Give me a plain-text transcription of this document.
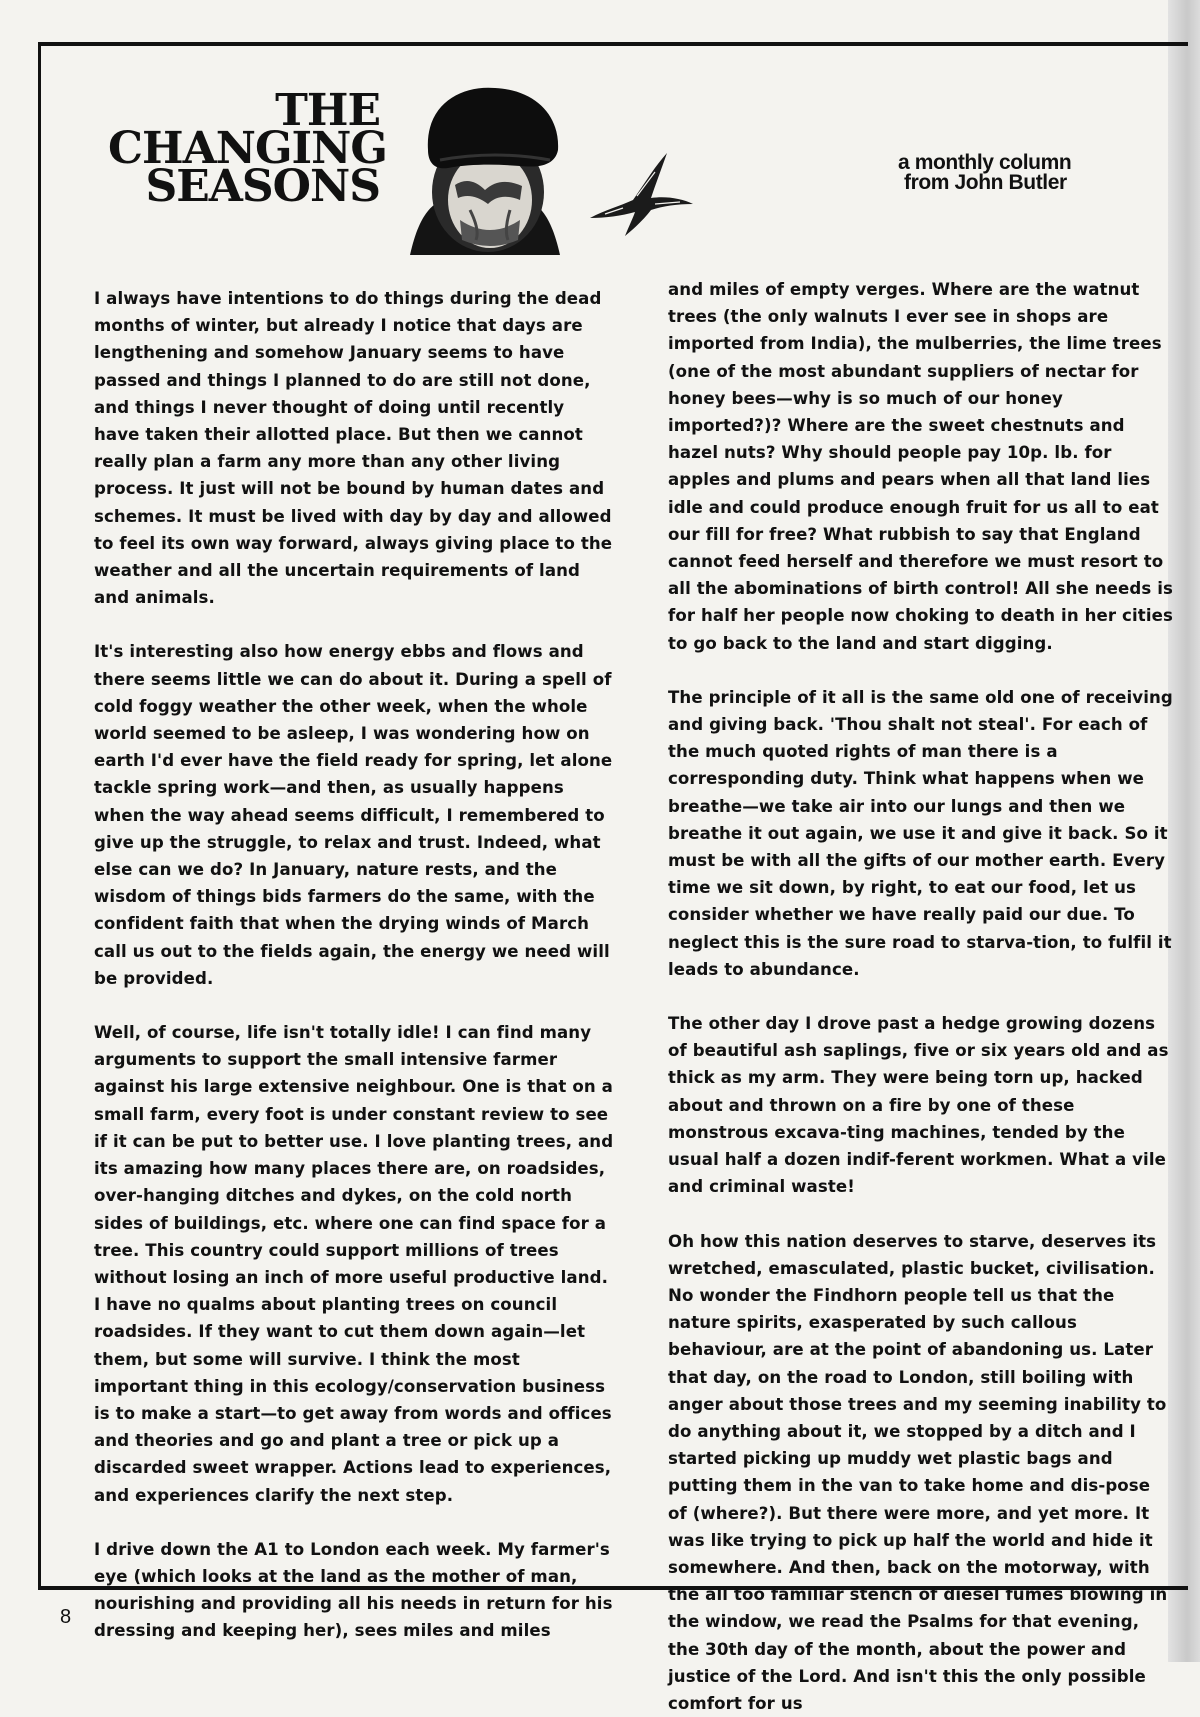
THE
CHANGING
SEASONS	a monthly column
from John Butler

I always have intentions to do things during the dead months of winter, but already I notice that days are lengthening and somehow January seems to have passed and things I planned to do are still not done, and things I never thought of doing until recently have taken their allotted place. But then we cannot really plan a farm any more than any other living process. It just will not be bound by human dates and schemes. It must be lived with day by day and allowed to feel its own way forward, always giving place to the weather and all the uncertain requirements of land and animals.

It's interesting also how energy ebbs and flows and there seems little we can do about it. During a spell of cold foggy weather the other week, when the whole world seemed to be asleep, I was wondering how on earth I'd ever have the field ready for spring, let alone tackle spring work—and then, as usually happens when the way ahead seems difficult, I remembered to give up the struggle, to relax and trust. Indeed, what else can we do? In January, nature rests, and the wisdom of things bids farmers do the same, with the confident faith that when the drying winds of March call us out to the fields again, the energy we need will be provided.

Well, of course, life isn't totally idle! I can find many arguments to support the small intensive farmer against his large extensive neighbour. One is that on a small farm, every foot is under constant review to see if it can be put to better use. I love planting trees, and its amazing how many places there are, on roadsides, over-hanging ditches and dykes, on the cold north sides of buildings, etc. where one can find space for a tree. This country could support millions of trees without losing an inch of more useful productive land. I have no qualms about planting trees on council roadsides. If they want to cut them down again—let them, but some will survive. I think the most important thing in this ecology/conservation business is to make a start—to get away from words and offices and theories and go and plant a tree or pick up a discarded sweet wrapper. Actions lead to experiences, and experiences clarify the next step.

I drive down the A1 to London each week. My farmer's eye (which looks at the land as the mother of man, nourishing and providing all his needs in return for his dressing and keeping her), sees miles and miles

and miles of empty verges. Where are the watnut trees (the only walnuts I ever see in shops are imported from India), the mulberries, the lime trees (one of the most abundant suppliers of nectar for honey bees—why is so much of our honey imported?)? Where are the sweet chestnuts and hazel nuts? Why should people pay 10p. lb. for apples and plums and pears when all that land lies idle and could produce enough fruit for us all to eat our fill for free? What rubbish to say that England cannot feed herself and therefore we must resort to all the abominations of birth control! All she needs is for half her people now choking to death in her cities to go back to the land and start digging.

The principle of it all is the same old one of receiving and giving back. 'Thou shalt not steal'. For each of the much quoted rights of man there is a corresponding duty. Think what happens when we breathe—we take air into our lungs and then we breathe it out again, we use it and give it back. So it must be with all the gifts of our mother earth. Every time we sit down, by right, to eat our food, let us consider whether we have really paid our due. To neglect this is the sure road to starva-tion, to fulfil it leads to abundance.

The other day I drove past a hedge growing dozens of beautiful ash saplings, five or six years old and as thick as my arm. They were being torn up, hacked about and thrown on a fire by one of these monstrous excava-ting machines, tended by the usual half a dozen indif-ferent workmen. What a vile and criminal waste!

Oh how this nation deserves to starve, deserves its wretched, emasculated, plastic bucket, civilisation. No wonder the Findhorn people tell us that the nature spirits, exasperated by such callous behaviour, are at the point of abandoning us. Later that day, on the road to London, still boiling with anger about those trees and my seeming inability to do anything about it, we stopped by a ditch and I started picking up muddy wet plastic bags and putting them in the van to take home and dis-pose of (where?). But there were more, and yet more. It was like trying to pick up half the world and hide it somewhere. And then, back on the motorway, with the all too familiar stench of diesel fumes blowing in the window, we read the Psalms for that evening, the 30th day of the month, about the power and justice of the Lord. And isn't this the only possible comfort for us

8
